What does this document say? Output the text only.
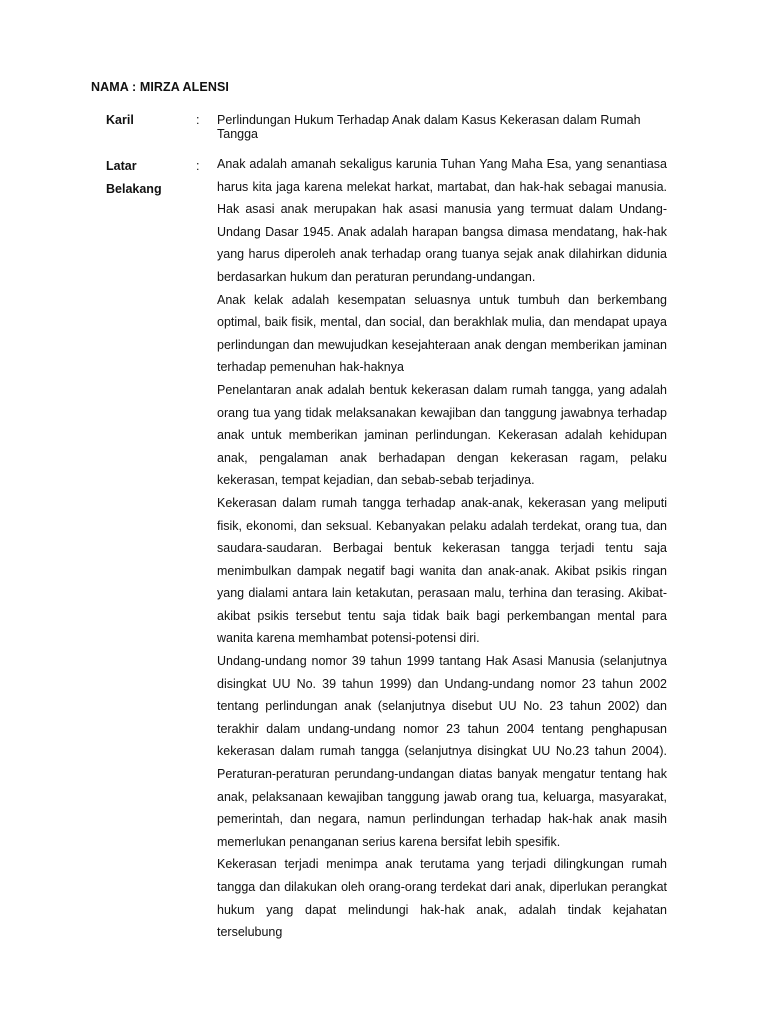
NAMA : MIRZA ALENSI
Karil	: Perlindungan Hukum Terhadap Anak dalam Kasus Kekerasan dalam Rumah Tangga
Latar
Belakang
: Anak adalah amanah sekaligus karunia Tuhan Yang Maha Esa, yang senantiasa harus kita jaga karena melekat harkat, martabat, dan hak-hak sebagai manusia. Hak asasi anak merupakan hak asasi manusia yang termuat dalam Undang-Undang Dasar 1945. Anak adalah harapan bangsa dimasa mendatang, hak-hak yang harus diperoleh anak terhadap orang tuanya sejak anak dilahirkan didunia berdasarkan hukum dan peraturan perundang-undangan.

Anak kelak adalah kesempatan seluasnya untuk tumbuh dan berkembang optimal, baik fisik, mental, dan social, dan berakhlak mulia, dan mendapat upaya perlindungan dan mewujudkan kesejahteraan anak dengan memberikan jaminan terhadap pemenuhan hak-haknya

Penelantaran anak adalah bentuk kekerasan dalam rumah tangga, yang adalah orang tua yang tidak melaksanakan kewajiban dan tanggung jawabnya terhadap anak untuk memberikan jaminan perlindungan. Kekerasan adalah kehidupan anak, pengalaman anak berhadapan dengan kekerasan ragam, pelaku kekerasan, tempat kejadian, dan sebab-sebab terjadinya.

Kekerasan dalam rumah tangga terhadap anak-anak, kekerasan yang meliputi fisik, ekonomi, dan seksual. Kebanyakan pelaku adalah terdekat, orang tua, dan saudara-saudaran. Berbagai bentuk kekerasan tangga terjadi tentu saja menimbulkan dampak negatif bagi wanita dan anak-anak. Akibat psikis ringan yang dialami antara lain ketakutan, perasaan malu, terhina dan terasing. Akibat-akibat psikis tersebut tentu saja tidak baik bagi perkembangan mental para wanita karena memhambat potensi-potensi diri.

Undang-undang nomor 39 tahun 1999 tantang Hak Asasi Manusia (selanjutnya disingkat UU No. 39 tahun 1999) dan Undang-undang nomor 23 tahun 2002 tentang perlindungan anak (selanjutnya disebut UU No. 23 tahun 2002) dan terakhir dalam undang-undang nomor 23 tahun 2004 tentang penghapusan kekerasan dalam rumah tangga (selanjutnya disingkat UU No.23 tahun 2004). Peraturan-peraturan perundang-undangan diatas banyak mengatur tentang hak anak, pelaksanaan kewajiban tanggung jawab orang tua, keluarga, masyarakat, pemerintah, dan negara, namun perlindungan terhadap hak-hak anak masih memerlukan penanganan serius karena bersifat lebih spesifik.

Kekerasan terjadi menimpa anak terutama yang terjadi dilingkungan rumah tangga dan dilakukan oleh orang-orang terdekat dari anak, diperlukan perangkat hukum yang dapat melindungi hak-hak anak, adalah tindak kejahatan terselubung
